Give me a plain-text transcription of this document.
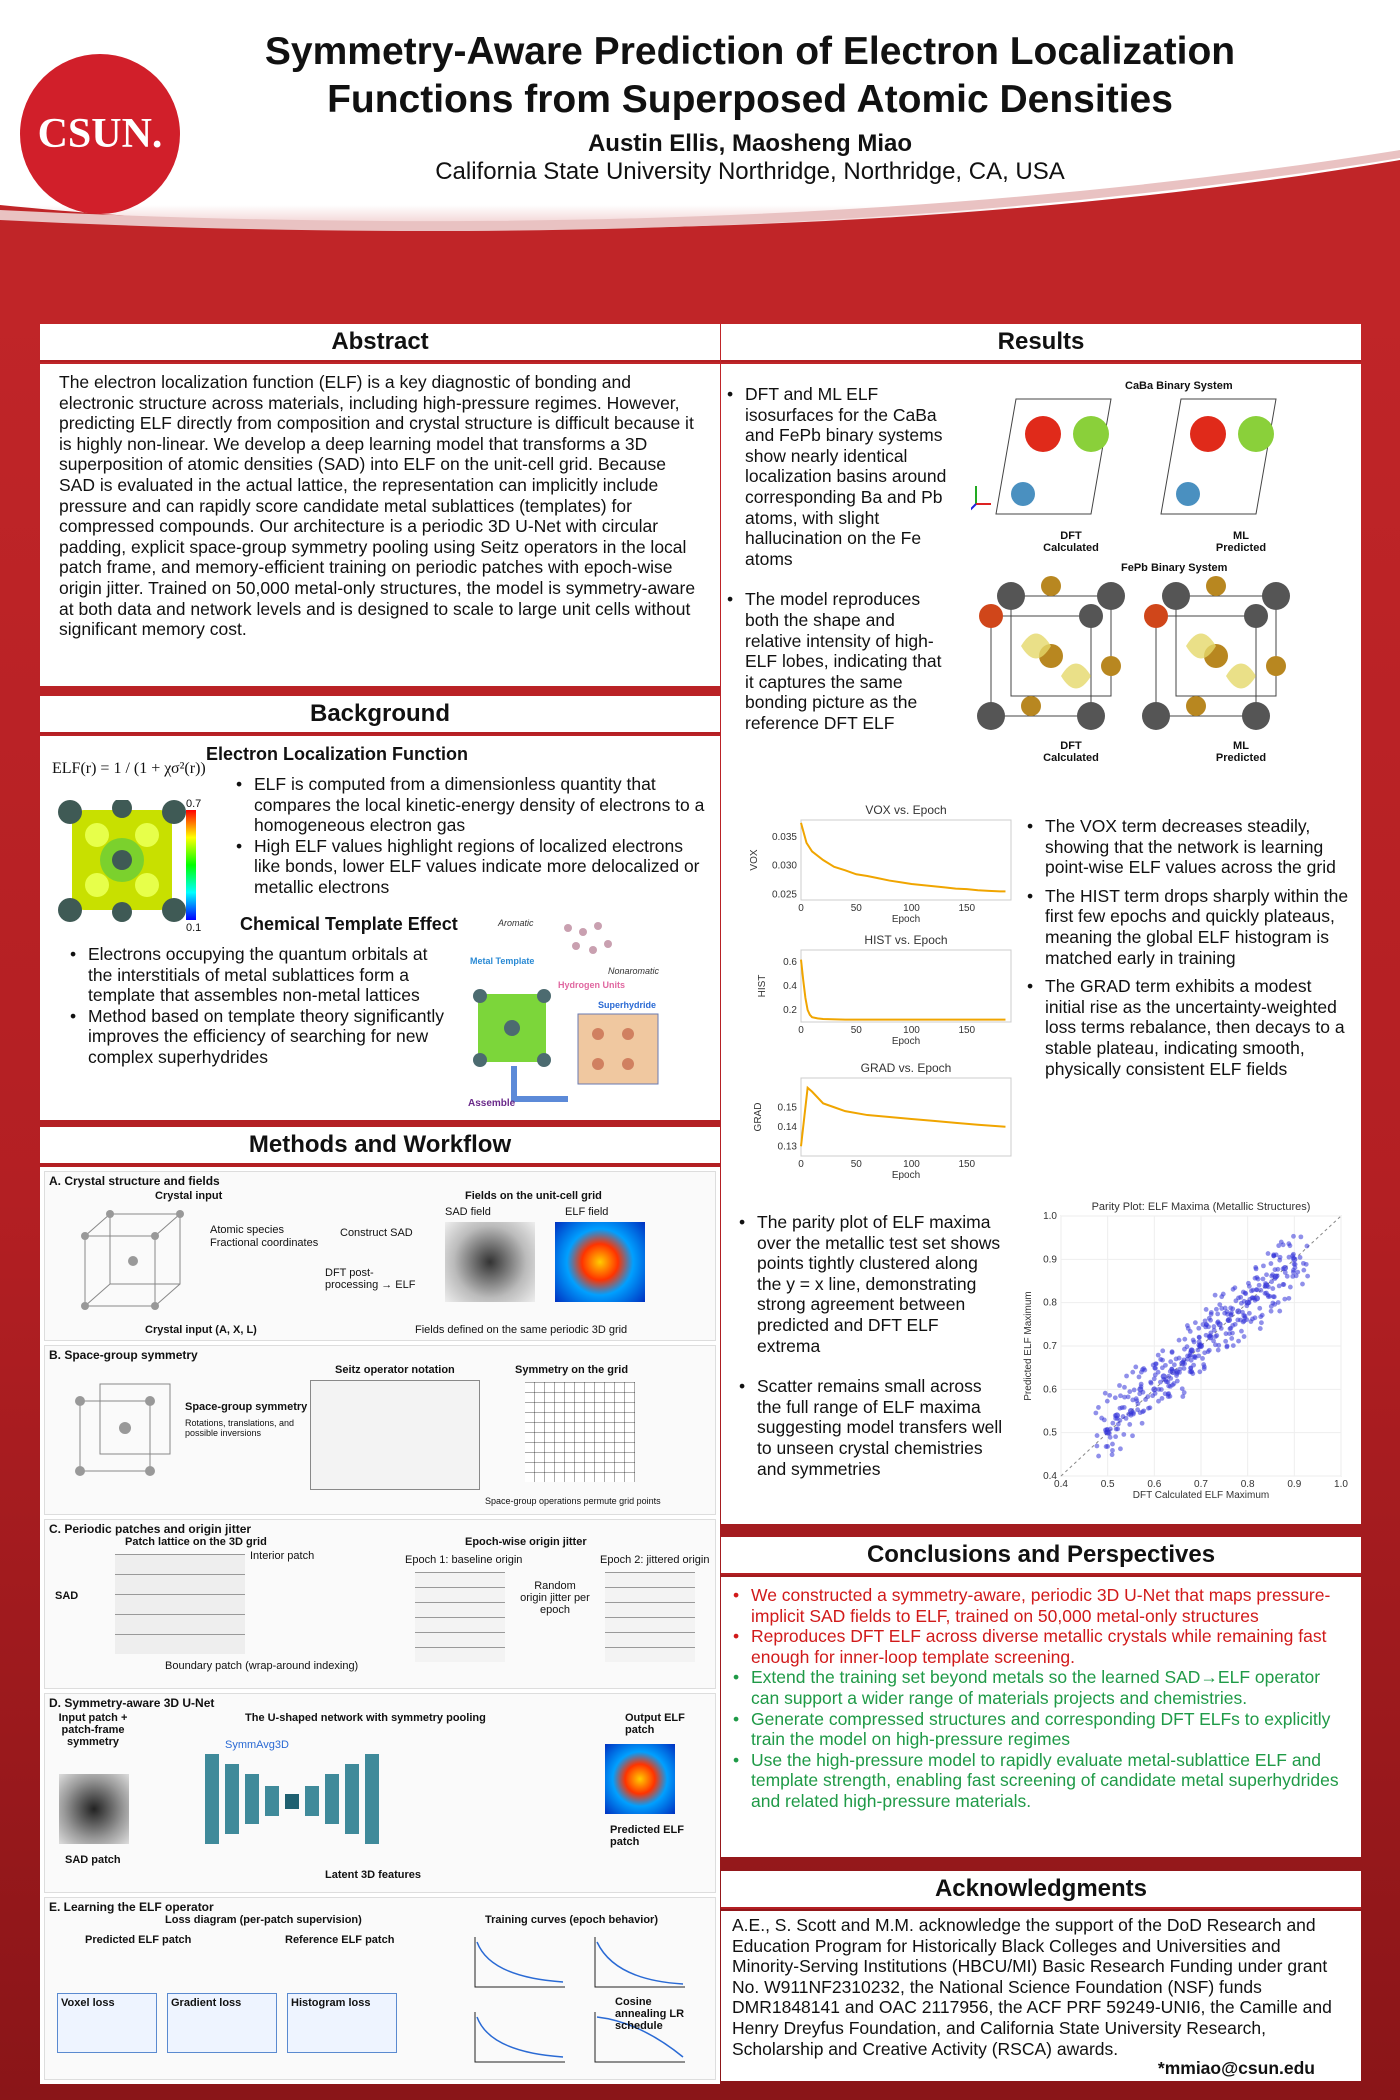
CSUN.
Symmetry-Aware Prediction of Electron Localization
Functions from Superposed Atomic Densities
Austin Ellis, Maosheng Miao
California State University Northridge, Northridge, CA, USA
Abstract

The electron localization function (ELF) is a key diagnostic of bonding and electronic structure across materials, including high-pressure regimes. However, predicting ELF directly from composition and crystal structure is difficult because it is highly non-linear. We develop a deep learning model that transforms a 3D superposition of atomic densities (SAD) into ELF on the unit-cell grid. Because SAD is evaluated in the actual lattice, the representation can implicitly include pressure and can rapidly score candidate metal sublattices (templates) for compressed compounds. Our architecture is a periodic 3D U-Net with circular padding, explicit space-group symmetry pooling using Seitz operators in the local patch frame, and memory-efficient training on periodic patches with epoch-wise origin jitter. Trained on 50,000 metal-only structures, the model is symmetry-aware at both data and network levels and is designed to scale to large unit cells without significant memory cost.

Background
ELF(r) = 1 / (1 + χσ²(r))
0.7
0.1
Electron Localization Function
• ELF is computed from a dimensionless quantity that compares the local kinetic-energy density of electrons to a homogeneous electron gas
• High ELF values highlight regions of localized electrons like bonds, lower ELF values indicate more delocalized or metallic electrons
Chemical Template Effect
• Electrons occupying the quantum orbitals at the interstitials of metal sublattices form a template that assembles non-metal lattices
• Method based on template theory significantly improves the efficiency of searching for new complex superhydrides
Aromatic
Metal Template
Nonaromatic
Hydrogen Units
Superhydride
Assemble
Methods and Workflow
A. Crystal structure and fields
Crystal input
Atomic species
Fractional coordinates
Construct SAD
DFT post-processing → ELF
Fields on the unit-cell grid
SAD field	ELF field
Crystal input (A, X, L)	Fields defined on the same periodic 3D grid
B. Space-group symmetry
Space-group symmetry
Rotations, translations, and possible inversions
Seitz operator notation	Symmetry on the grid
Space-group operations permute grid points
C. Periodic patches and origin jitter
Patch lattice on the 3D grid
SAD
Interior patch
Boundary patch (wrap-around indexing)
Epoch-wise origin jitter
Epoch 1: baseline origin
Random origin jitter per epoch
Epoch 2: jittered origin
D. Symmetry-aware 3D U-Net
Input patch + patch-frame symmetry
The U-shaped network with symmetry pooling
SymmAvg3D
Latent 3D features
Output ELF patch
Predicted ELF patch
SAD patch
E. Learning the ELF operator
Loss diagram (per-patch supervision)
Predicted ELF patch	Reference ELF patch
Voxel loss	Gradient loss	Histogram loss
Training curves (epoch behavior)
Cosine annealing LR schedule
Results
• DFT and ML ELF isosurfaces for the CaBa and FePb binary systems show nearly identical localization basins around corresponding Ba and Pb atoms, with slight hallucination on the Fe atoms
• The model reproduces both the shape and relative intensity of high-ELF lobes, indicating that it captures the same bonding picture as the reference DFT ELF
CaBa Binary System
DFT
Calculated
ML
Predicted
FePb Binary System
DFT
Calculated
ML
Predicted
VOX vs. Epoch
0	50	100	150
0.025
0.030
0.035
Epoch
VOX
HIST vs. Epoch
0	50	100	150
0.2
0.4
0.6
Epoch
HIST
GRAD vs. Epoch
0	50	100	150
0.13
0.14
0.15
Epoch
GRAD
• The VOX term decreases steadily, showing that the network is learning point-wise ELF values across the grid
• The HIST term drops sharply within the first few epochs and quickly plateaus, meaning the global ELF histogram is matched early in training
• The GRAD term exhibits a modest initial rise as the uncertainty-weighted loss terms rebalance, then decays to a stable plateau, indicating smooth, physically consistent ELF fields
• The parity plot of ELF maxima over the metallic test set shows points tightly clustered along the y = x line, demonstrating strong agreement between predicted and DFT ELF extrema
• Scatter remains small across the full range of ELF maxima suggesting model transfers well to unseen crystal chemistries and symmetries
Parity Plot: ELF Maxima (Metallic Structures)
0.4	0.5	0.6	0.7	0.8	0.9	1.0
0.4
0.5
0.6
0.7
0.8
0.9
1.0
DFT Calculated ELF Maximum
Predicted ELF Maximum
Conclusions and Perspectives
• We constructed a symmetry-aware, periodic 3D U-Net that maps pressure-implicit SAD fields to ELF, trained on 50,000 metal-only structures
• Reproduces DFT ELF across diverse metallic crystals while remaining fast enough for inner-loop template screening.
• Extend the training set beyond metals so the learned SAD→ELF operator can support a wider range of materials projects and chemistries.
• Generate compressed structures and corresponding DFT ELFs to explicitly train the model on high-pressure regimes
• Use the high-pressure model to rapidly evaluate metal-sublattice ELF and template strength, enabling fast screening of candidate metal superhydrides and related high-pressure materials.
Acknowledgments

A.E., S. Scott and M.M. acknowledge the support of the DoD Research and Education Program for Historically Black Colleges and Universities and Minority-Serving Institutions (HBCU/MI) Basic Research Funding under grant No. W911NF2310232, the National Science Foundation (NSF) funds DMR1848141 and OAC 2117956, the ACF PRF 59249-UNI6, the Camille and Henry Dreyfus Foundation, and California State University Research, Scholarship and Creative Activity (RSCA) awards.

*mmiao@csun.edu
